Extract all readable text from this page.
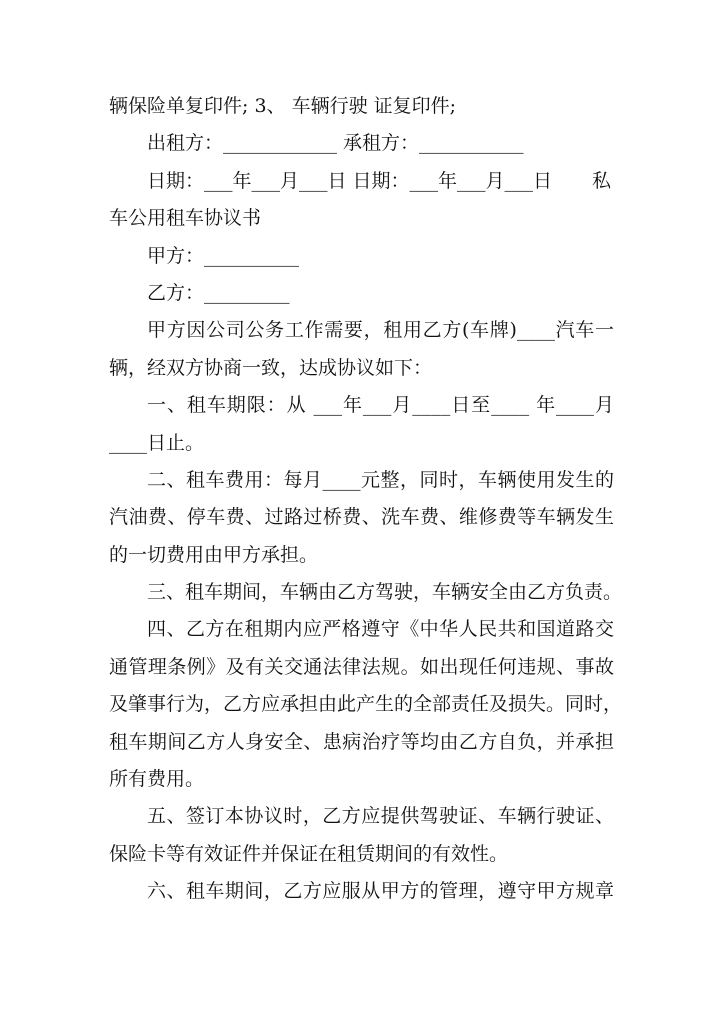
辆保险单复印件; 3、 车辆行驶 证复印件;
出租方：____________ 承租方：___________
日期：___年___月___日 日期：___年___月___日 私
车公用租车协议书
甲方：__________
乙方：_________
甲方因公司公务工作需要，租用乙方(车牌)____汽车一
辆，经双方协商一致，达成协议如下：
一、租车期限：从 ___年___月____日至____ 年____月
____日止。
二、租车费用：每月____元整，同时，车辆使用发生的
汽油费、停车费、过路过桥费、洗车费、维修费等车辆发生
的一切费用由甲方承担。
三、租车期间，车辆由乙方驾驶，车辆安全由乙方负责。
四、乙方在租期内应严格遵守《中华人民共和国道路交
通管理条例》及有关交通法律法规。如出现任何违规、事故
及肇事行为，乙方应承担由此产生的全部责任及损失。同时，
租车期间乙方人身安全、患病治疗等均由乙方自负，并承担
所有费用。
五、签订本协议时，乙方应提供驾驶证、车辆行驶证、
保险卡等有效证件并保证在租赁期间的有效性。
六、租车期间，乙方应服从甲方的管理，遵守甲方规章
